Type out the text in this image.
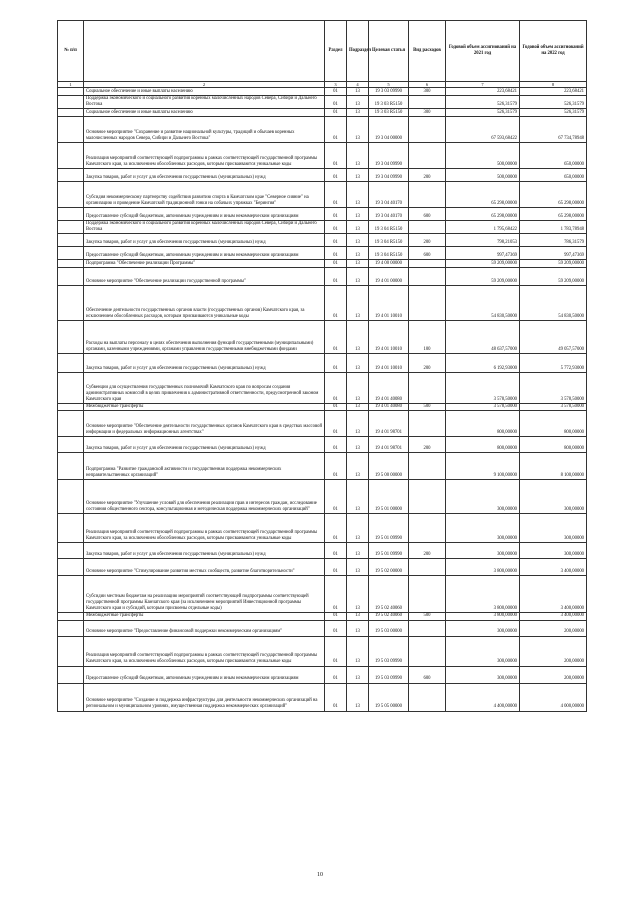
№ п/п		Раздел	Подраздел	Целевая статья	Вид расходов	Годовой объем ассигнований на 2021 год	Годовой объем ассигнований на 2022 год
1	2	3	4	5	6	7	8
	Социальное обеспечение и иные выплаты населению	01	13	19 3 03 09990	300	223,68421	223,68421
	Поддержка экономического и социального развития коренных малочисленных народов Севера, Сибири и Дальнего Востока	01	13	19 3 03 R5150		526,31579	526,31579
	Социальное обеспечение и иные выплаты населению	01	13	19 3 03 R5150	300	526,31579	526,31579
	Основное мероприятие "Сохранение и развитие национальной культуры, традиций и обычаев коренных малочисленных народов Севера, Сибири и Дальнего Востока"	01	13	19 3 04 00000		67 593,68422	67 734,78948
	Реализация мероприятий соответствующей подпрограммы в рамках соответствующей государственной программы Камчатского края, за исключением обособленных расходов, которым присваиваются уникальные коды	01	13	19 3 04 09990		500,00000	650,00000
	Закупка товаров, работ и услуг для обеспечения государственных (муниципальных) нужд	01	13	19 3 04 09990	200	500,00000	650,00000
	Субсидия некоммерческому партнерству содействия развитию спорта в Камчатском крае "Северное сияние" на организацию и проведение Камчатской традиционной гонки на собачьих упряжках "Берингия"	01	13	19 3 04 40170		65 298,00000	65 298,00000
	Предоставление субсидий бюджетным, автономным учреждениям и иным некоммерческим организациям	01	13	19 3 04 40170	600	65 298,00000	65 298,00000
	Поддержка экономического и социального развития коренных малочисленных народов Севера, Сибири и Дальнего Востока	01	13	19 3 04 R5150		1 795,68422	1 783,78948
	Закупка товаров, работ и услуг для обеспечения государственных (муниципальных) нужд	01	13	19 3 04 R5150	200	798,21053	786,31579
	Предоставление субсидий бюджетным, автономным учреждениям и иным некоммерческим организациям	01	13	19 3 04 R5150	600	997,47369	997,47369
	Подпрограмма "Обеспечение реализации Программы"	01	13	19 4 00 00000		59 209,00000	59 209,00000
	Основное мероприятие "Обеспечение реализации государственной программы"	01	13	19 4 01 00000		59 209,00000	59 209,00000
	Обеспечение деятельности государственных органов власти (государственных органов) Камчатского края, за исключением обособленных расходов, которым присваиваются уникальные коды	01	13	19 4 01 10010		54 830,50000	54 830,50000
	Расходы на выплаты персоналу в целях обеспечения выполнения функций государственными (муниципальными) органами, казенными учреждениями, органами управления государственными внебюджетными фондами	01	13	19 4 01 10010	100	48 637,57000	49 057,57000
	Закупка товаров, работ и услуг для обеспечения государственных (муниципальных) нужд	01	13	19 4 01 10010	200	6 192,93000	5 772,93000
	Субвенции для осуществления государственных полномочий Камчатского края по вопросам создания административных комиссий в целях привлечения к административной ответственности, предусмотренной законом Камчатского края	01	13	19 4 01 40080		3 578,50000	3 578,50000
	Межбюджетные трансферты	01	13	19 4 01 40080	500	3 578,50000	3 578,50000
	Основное мероприятие "Обеспечение деятельности государственных органов Камчатского края в средствах массовой информации и федеральных информационных агентствах"	01	13	19 4 01 98701		800,00000	800,00000
	Закупка товаров, работ и услуг для обеспечения государственных (муниципальных) нужд	01	13	19 4 01 98701	200	800,00000	800,00000
	Подпрограмма "Развитие гражданской активности и государственная поддержка некоммерческих неправительственных организаций"	01	13	19 5 00 00000		9 100,00000	8 100,00000
	Основное мероприятие "Улучшение условий для обеспечения реализации прав и интересов граждан, исследование состояния общественного сектора, консультационная и методическая поддержка некоммерческих организаций"	01	13	19 5 01 00000		300,00000	300,00000
	Реализация мероприятий соответствующей подпрограммы в рамках соответствующей государственной программы Камчатского края, за исключением обособленных расходов, которым присваиваются уникальные коды	01	13	19 5 01 09990		300,00000	300,00000
	Закупка товаров, работ и услуг для обеспечения государственных (муниципальных) нужд	01	13	19 5 01 09990	200	300,00000	300,00000
	Основное мероприятие "Стимулирование развития местных сообществ, развитие благотворительности"	01	13	19 5 02 00000		3 800,00000	3 400,00000
	Субсидии местным бюджетам на реализацию мероприятий соответствующей подпрограммы соответствующей государственной программы Камчатского края (за исключением мероприятий Инвестиционной программы Камчатского края и субсидий, которым присвоены отдельные коды)	01	13	19 5 02 40060		3 800,00000	3 400,00000
	Межбюджетные трансферты	01	13	19 5 02 40060	500	3 800,00000	3 400,00000
	Основное мероприятие "Предоставление финансовой поддержки некоммерческим организациям"	01	13	19 5 03 00000		300,00000	200,00000
	Реализация мероприятий соответствующей подпрограммы в рамках соответствующей государственной программы Камчатского края, за исключением обособленных расходов, которым присваиваются уникальные коды	01	13	19 5 03 09990		300,00000	200,00000
	Предоставление субсидий бюджетным, автономным учреждениям и иным некоммерческим организациям	01	13	19 5 03 09990	600	300,00000	200,00000
	Основное мероприятие "Создание и поддержка инфраструктуры для деятельности некоммерческих организаций на региональном и муниципальном уровнях, имущественная поддержка некоммерческих организаций"	01	13	19 5 05 00000		4 400,00000	4 000,00000
10
